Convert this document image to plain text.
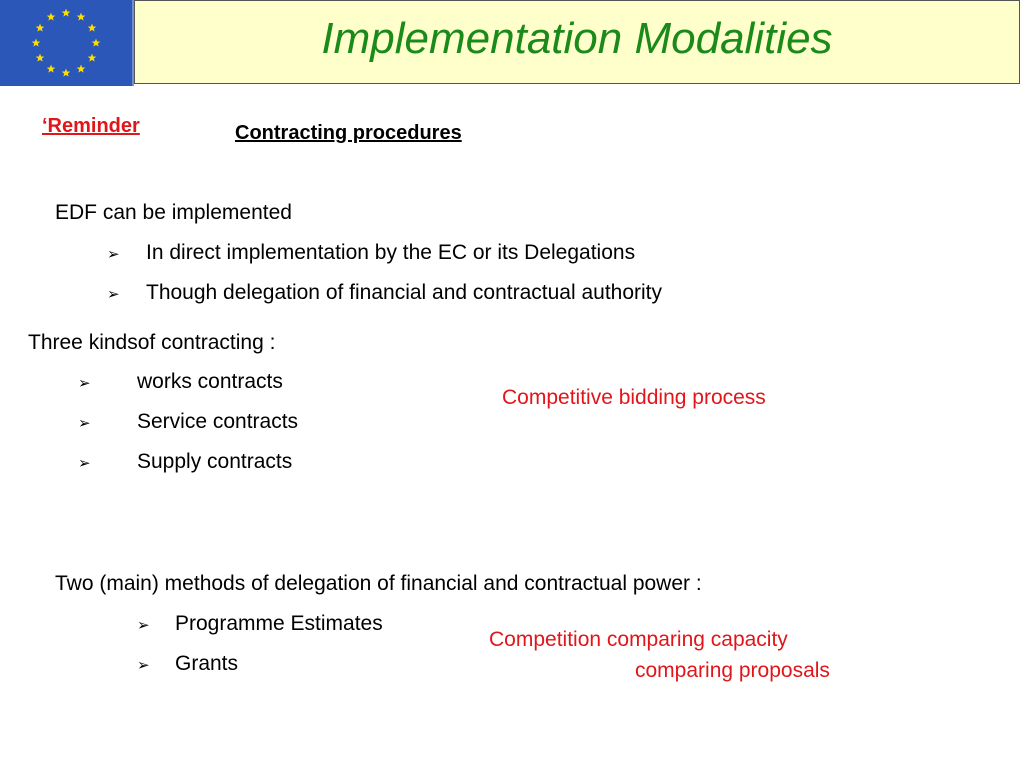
Implementation Modalities
‘Reminder	Contracting procedures
EDF can be implemented
➢ In direct implementation by the EC or its Delegations
➢ Though delegation of financial and contractual authority
Three kindsof contracting :
➢ works contracts
➢ Service contracts
➢ Supply contracts
Competitive bidding process
Two (main) methods of delegation of financial and contractual power :
➢ Programme Estimates
➢ Grants
Competition comparing capacity
comparing proposals
